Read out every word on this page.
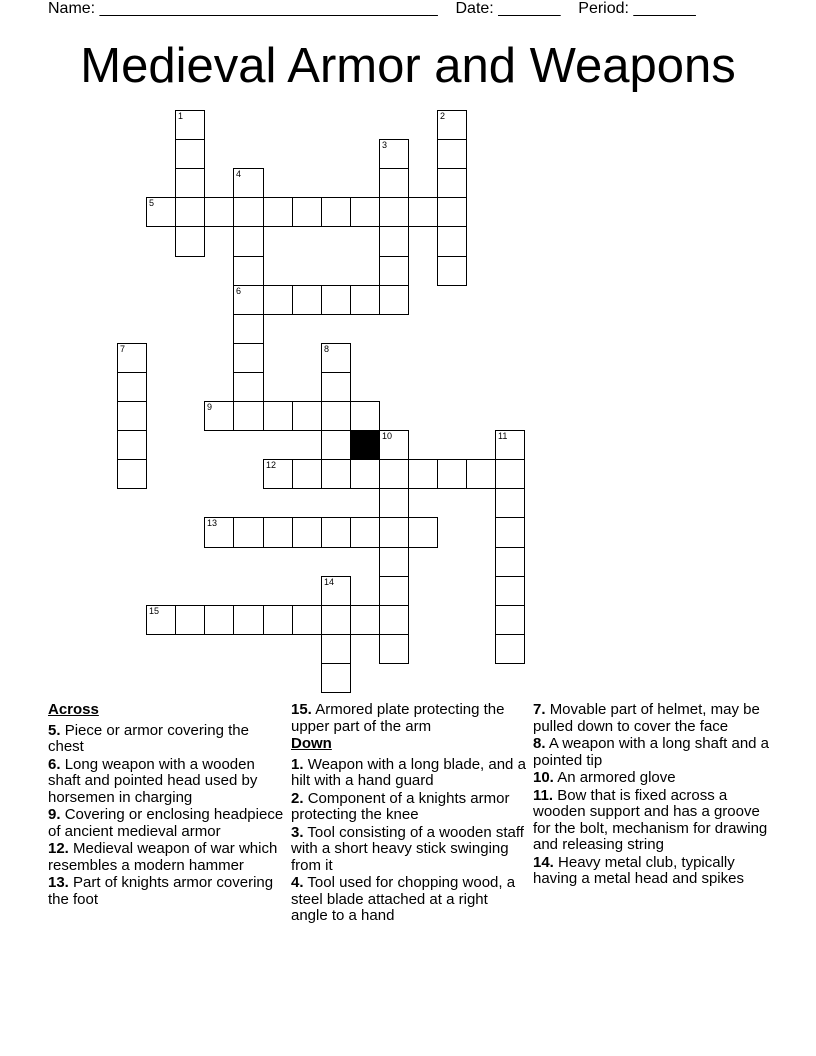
Name: ______________________________________ Date: _______ Period: _______
Medieval Armor and Weapons
1	2
3
4
6
5
7	8
9
10	11
12
13
14
15
Across
5. Piece or armor covering the chest
6. Long weapon with a wooden shaft and pointed head used by horsemen in charging
9. Covering or enclosing headpiece of ancient medieval armor
12. Medieval weapon of war which resembles a modern hammer
13. Part of knights armor covering the foot
15. Armored plate protecting the upper part of the arm
Down
1. Weapon with a long blade, and a hilt with a hand guard
2. Component of a knights armor protecting the knee
3. Tool consisting of a wooden staff with a short heavy stick swinging from it
4. Tool used for chopping wood, a steel blade attached at a right angle to a hand
7. Movable part of helmet, may be pulled down to cover the face
8. A weapon with a long shaft and a pointed tip
10. An armored glove
11. Bow that is fixed across a wooden support and has a groove for the bolt, mechanism for drawing and releasing string
14. Heavy metal club, typically having a metal head and spikes
